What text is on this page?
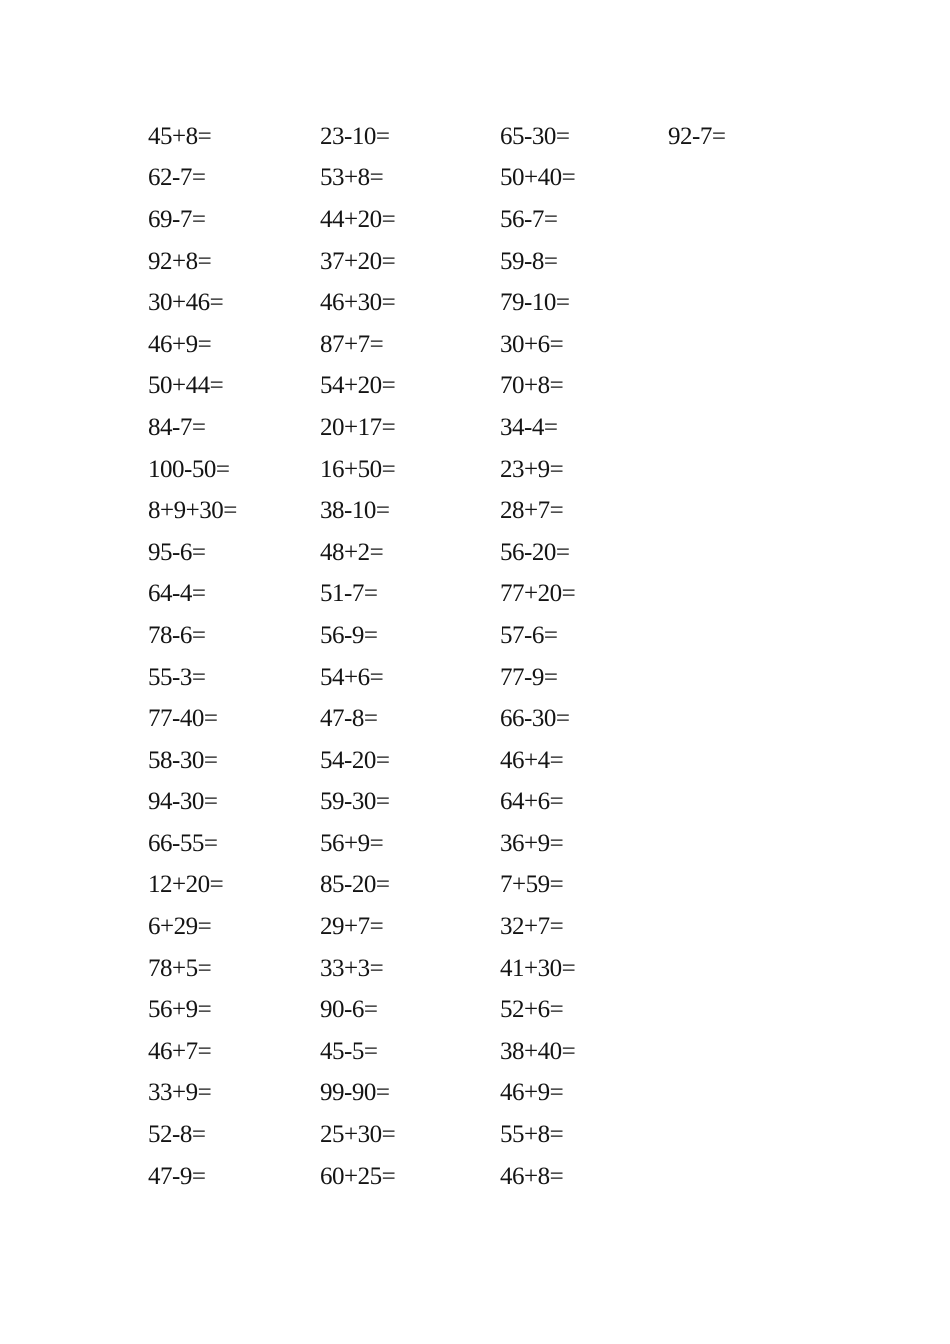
45+8=	23-10=	65-30=	92-7=
62-7=	53+8=	50+40=
69-7=	44+20=	56-7=
92+8=	37+20=	59-8=
30+46=	46+30=	79-10=
46+9=	87+7=	30+6=
50+44=	54+20=	70+8=
84-7=	20+17=	34-4=
100-50=	16+50=	23+9=
8+9+30=	38-10=	28+7=
95-6=	48+2=	56-20=
64-4=	51-7=	77+20=
78-6=	56-9=	57-6=
55-3=	54+6=	77-9=
77-40=	47-8=	66-30=
58-30=	54-20=	46+4=
94-30=	59-30=	64+6=
66-55=	56+9=	36+9=
12+20=	85-20=	7+59=
6+29=	29+7=	32+7=
78+5=	33+3=	41+30=
56+9=	90-6=	52+6=
46+7=	45-5=	38+40=
33+9=	99-90=	46+9=
52-8=	25+30=	55+8=
47-9=	60+25=	46+8=
